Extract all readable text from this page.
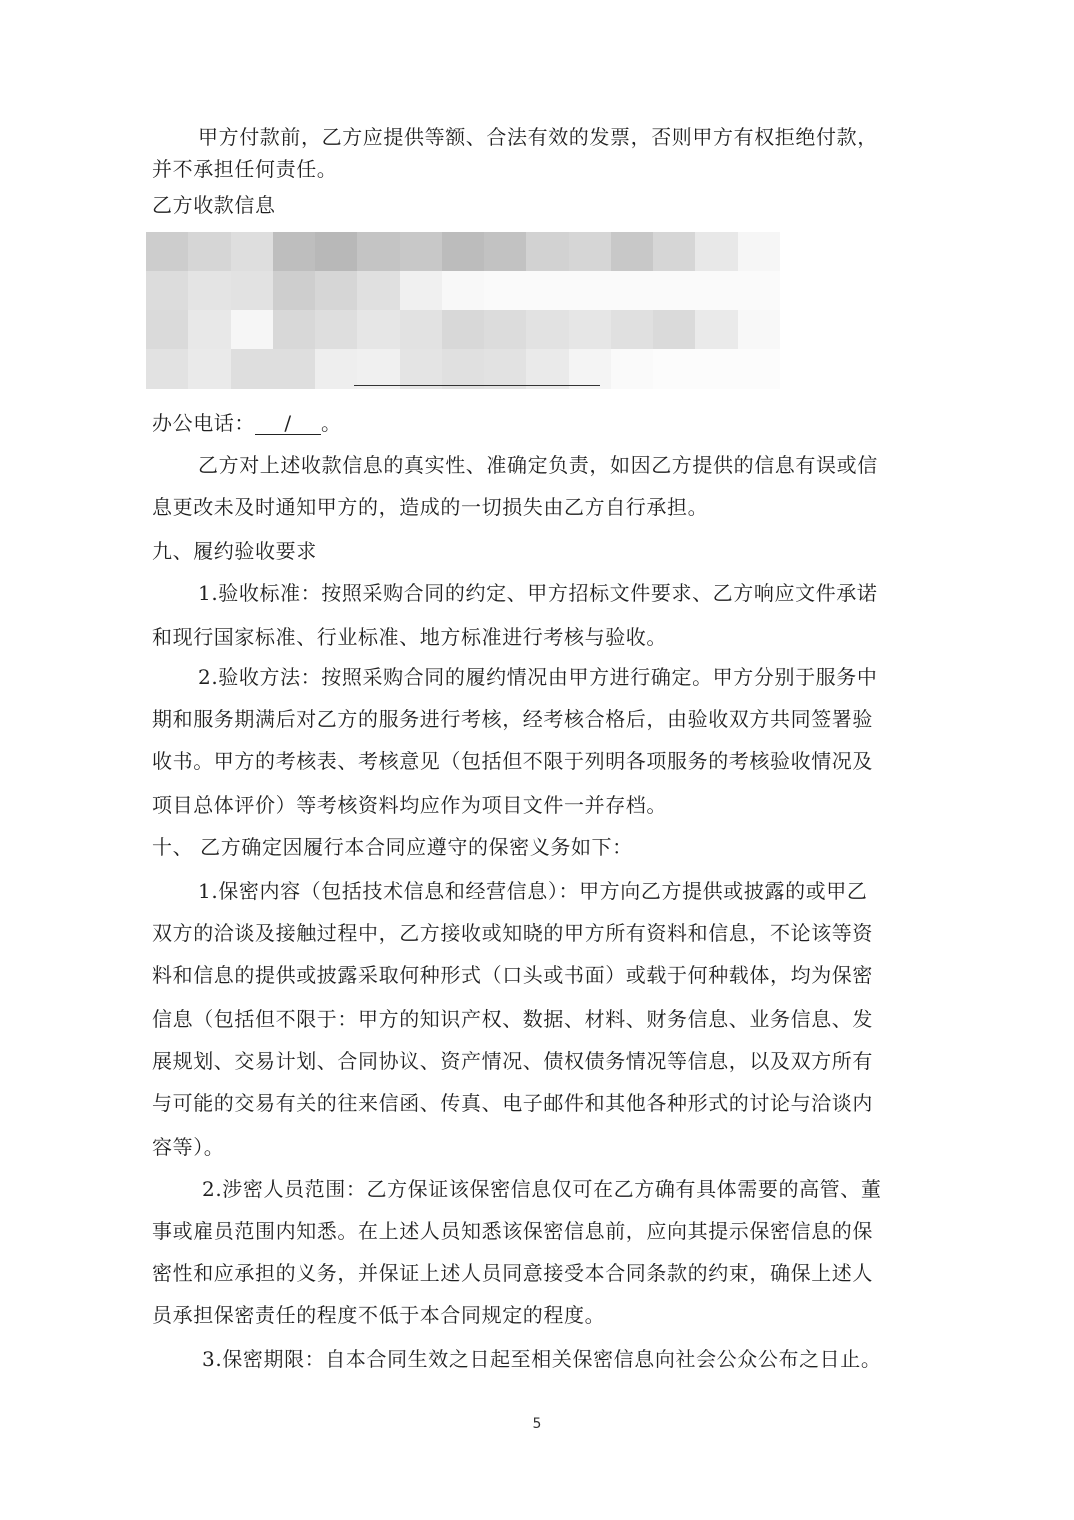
甲方付款前，乙方应提供等额、合法有效的发票，否则甲方有权拒绝付款，
并不承担任何责任。
乙方收款信息
办公电话： / 。
乙方对上述收款信息的真实性、准确定负责，如因乙方提供的信息有误或信
息更改未及时通知甲方的，造成的一切损失由乙方自行承担。
九、履约验收要求
1.验收标准：按照采购合同的约定、甲方招标文件要求、乙方响应文件承诺
和现行国家标准、行业标准、地方标准进行考核与验收。
2.验收方法：按照采购合同的履约情况由甲方进行确定。甲方分别于服务中
期和服务期满后对乙方的服务进行考核，经考核合格后，由验收双方共同签署验
收书。甲方的考核表、考核意见（包括但不限于列明各项服务的考核验收情况及
项目总体评价）等考核资料均应作为项目文件一并存档。
十、 乙方确定因履行本合同应遵守的保密义务如下：
1.保密内容（包括技术信息和经营信息）：甲方向乙方提供或披露的或甲乙
双方的洽谈及接触过程中，乙方接收或知晓的甲方所有资料和信息，不论该等资
料和信息的提供或披露采取何种形式（口头或书面）或载于何种载体，均为保密
信息（包括但不限于：甲方的知识产权、数据、材料、财务信息、业务信息、发
展规划、交易计划、合同协议、资产情况、债权债务情况等信息，以及双方所有
与可能的交易有关的往来信函、传真、电子邮件和其他各种形式的讨论与洽谈内
容等）。
2.涉密人员范围：乙方保证该保密信息仅可在乙方确有具体需要的高管、董
事或雇员范围内知悉。在上述人员知悉该保密信息前，应向其提示保密信息的保
密性和应承担的义务，并保证上述人员同意接受本合同条款的约束，确保上述人
员承担保密责任的程度不低于本合同规定的程度。
3.保密期限：自本合同生效之日起至相关保密信息向社会公众公布之日止。
5
